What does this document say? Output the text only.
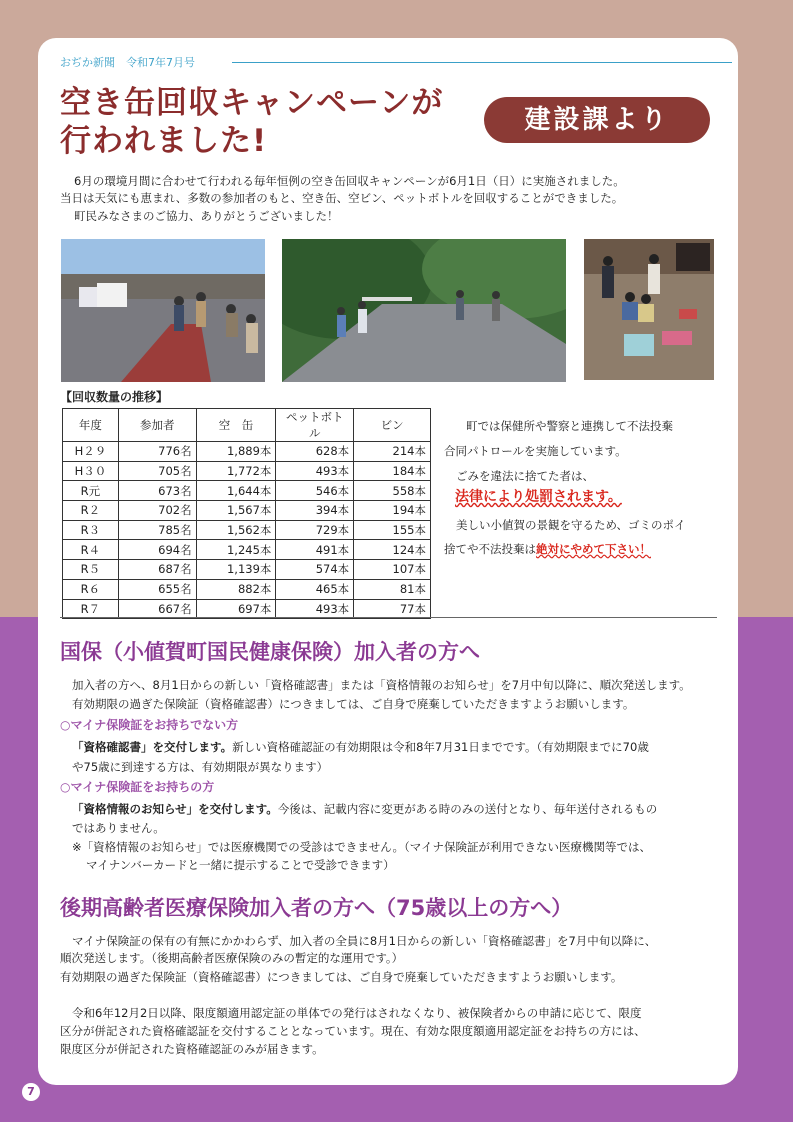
おぢか新聞　令和7年7月号
空き缶回収キャンペーンが
行われました!
建設課より
6月の環境月間に合わせて行われる毎年恒例の空き缶回収キャンペーンが6月1日（日）に実施されました。
当日は天気にも恵まれ、多数の参加者のもと、空き缶、空ビン、ペットボトルを回収することができました。
町民みなさまのご協力、ありがとうございました！
【回収数量の推移】
年度	参加者	空　缶	ペットボトル	ビン
H２９	776名	1,889本	628本	214本
H３０	705名	1,772本	493本	184本
R元	673名	1,644本	546本	558本
R２	702名	1,567本	394本	194本
R３	785名	1,562本	729本	155本
R４	694名	1,245本	491本	124本
R５	687名	1,139本	574本	107本
R６	655名	882本	465本	81本
R７	667名	697本	493本	77本
町では保健所や警察と連携して不法投棄
合同パトロールを実施しています。
ごみを違法に捨てた者は、
法律により処罰されます。
美しい小値賀の景観を守るため、ゴミのポイ
捨てや不法投棄は絶対にやめて下さい！
国保（小値賀町国民健康保険）加入者の方へ
加入者の方へ、8月1日からの新しい「資格確認書」または「資格情報のお知らせ」を7月中旬以降に、順次発送します。
有効期限の過ぎた保険証（資格確認書）につきましては、ご自身で廃棄していただきますようお願いします。
○マイナ保険証をお持ちでない方
「資格確認書」を交付します。新しい資格確認証の有効期限は令和8年7月31日までです。（有効期限までに70歳
や75歳に到達する方は、有効期限が異なります）
○マイナ保険証をお持ちの方
「資格情報のお知らせ」を交付します。今後は、記載内容に変更がある時のみの送付となり、毎年送付されるもの
ではありません。
※「資格情報のお知らせ」では医療機関での受診はできません。（マイナ保険証が利用できない医療機関等では、
マイナンバーカードと一緒に提示することで受診できます）
後期高齢者医療保険加入者の方へ（75歳以上の方へ）
マイナ保険証の保有の有無にかかわらず、加入者の全員に8月1日からの新しい「資格確認書」を7月中旬以降に、
順次発送します。（後期高齢者医療保険のみの暫定的な運用です。）
有効期限の過ぎた保険証（資格確認書）につきましては、ご自身で廃棄していただきますようお願いします。
令和6年12月2日以降、限度額適用認定証の単体での発行はされなくなり、被保険者からの申請に応じて、限度
区分が併記された資格確認証を交付することとなっています。現在、有効な限度額適用認定証をお持ちの方には、
限度区分が併記された資格確認証のみが届きます。
7
